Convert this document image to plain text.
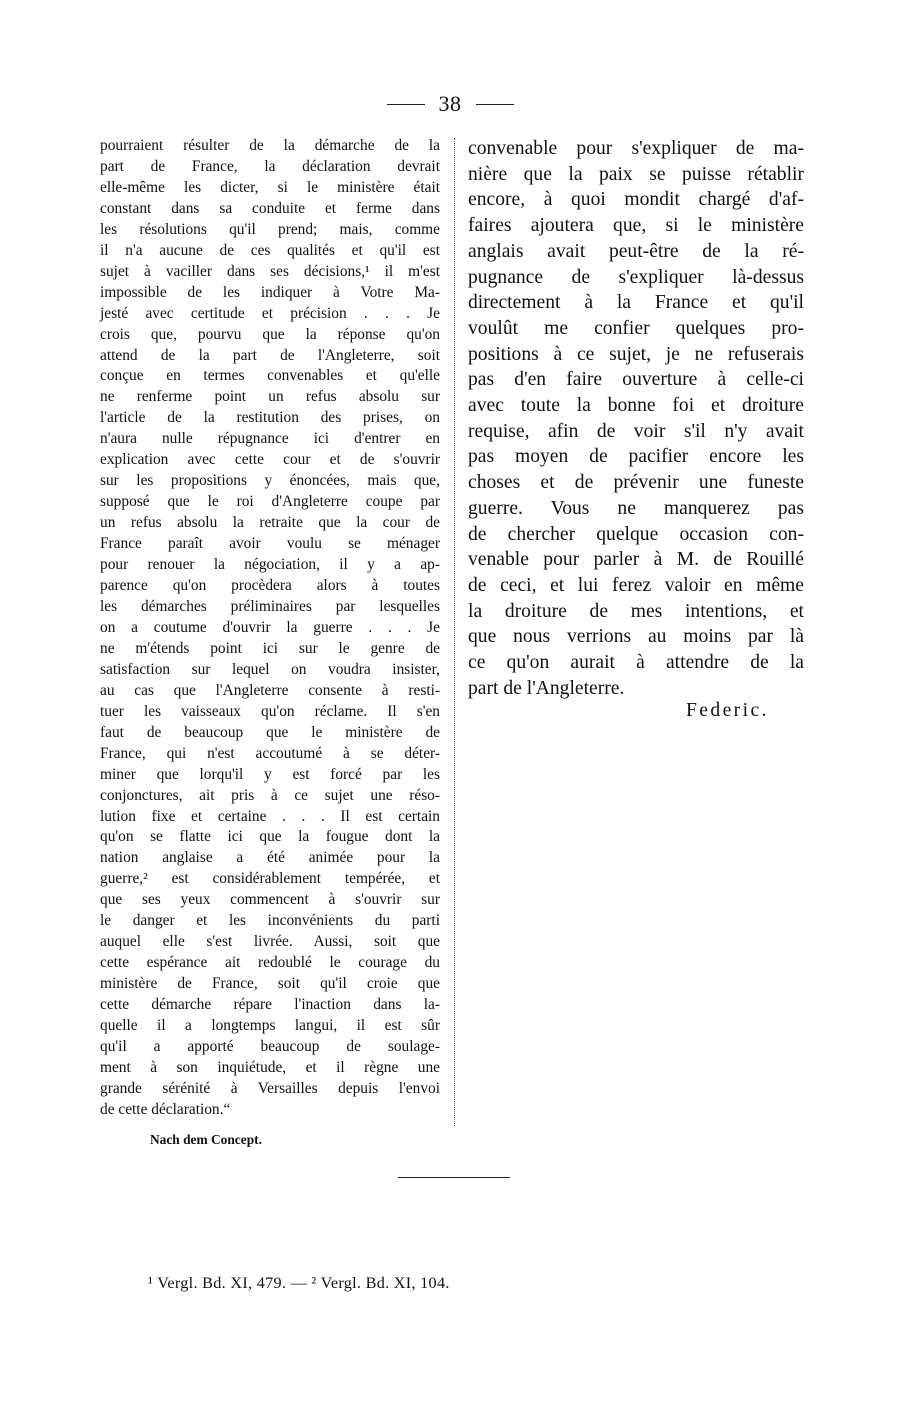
38
pourraient résulter de la démarche de la
part de France, la déclaration devrait
elle-même les dicter, si le ministère était
constant dans sa conduite et ferme dans
les résolutions qu'il prend; mais, comme
il n'a aucune de ces qualités et qu'il est
sujet à vaciller dans ses décisions,¹ il m'est
impossible de les indiquer à Votre Ma-
jesté avec certitude et précision . . . Je
crois que, pourvu que la réponse qu'on
attend de la part de l'Angleterre, soit
conçue en termes convenables et qu'elle
ne renferme point un refus absolu sur
l'article de la restitution des prises, on
n'aura nulle répugnance ici d'entrer en
explication avec cette cour et de s'ouvrir
sur les propositions y énoncées, mais que,
supposé que le roi d'Angleterre coupe par
un refus absolu la retraite que la cour de
France paraît avoir voulu se ménager
pour renouer la négociation, il y a ap-
parence qu'on procèdera alors à toutes
les démarches préliminaires par lesquelles
on a coutume d'ouvrir la guerre . . . Je
ne m'étends point ici sur le genre de
satisfaction sur lequel on voudra insister,
au cas que l'Angleterre consente à resti-
tuer les vaisseaux qu'on réclame. Il s'en
faut de beaucoup que le ministère de
France, qui n'est accoutumé à se déter-
miner que lorqu'il y est forcé par les
conjonctures, ait pris à ce sujet une réso-
lution fixe et certaine . . . Il est certain
qu'on se flatte ici que la fougue dont la
nation anglaise a été animée pour la
guerre,² est considérablement tempérée, et
que ses yeux commencent à s'ouvrir sur
le danger et les inconvénients du parti
auquel elle s'est livrée. Aussi, soit que
cette espérance ait redoublé le courage du
ministère de France, soit qu'il croie que
cette démarche répare l'inaction dans la-
quelle il a longtemps langui, il est sûr
qu'il a apporté beaucoup de soulage-
ment à son inquiétude, et il règne une
grande sérénité à Versailles depuis l'envoi
de cette déclaration.“
convenable pour s'expliquer de ma-
nière que la paix se puisse rétablir
encore, à quoi mondit chargé d'af-
faires ajoutera que, si le ministère
anglais avait peut-être de la ré-
pugnance de s'expliquer là-dessus
directement à la France et qu'il
voulût me confier quelques pro-
positions à ce sujet, je ne refuserais
pas d'en faire ouverture à celle-ci
avec toute la bonne foi et droiture
requise, afin de voir s'il n'y avait
pas moyen de pacifier encore les
choses et de prévenir une funeste
guerre. Vous ne manquerez pas
de chercher quelque occasion con-
venable pour parler à M. de Rouillé
de ceci, et lui ferez valoir en même
la droiture de mes intentions, et
que nous verrions au moins par là
ce qu'on aurait à attendre de la
part de l'Angleterre.
Federic.
Nach dem Concept.
¹ Vergl. Bd. XI, 479. — ² Vergl. Bd. XI, 104.
